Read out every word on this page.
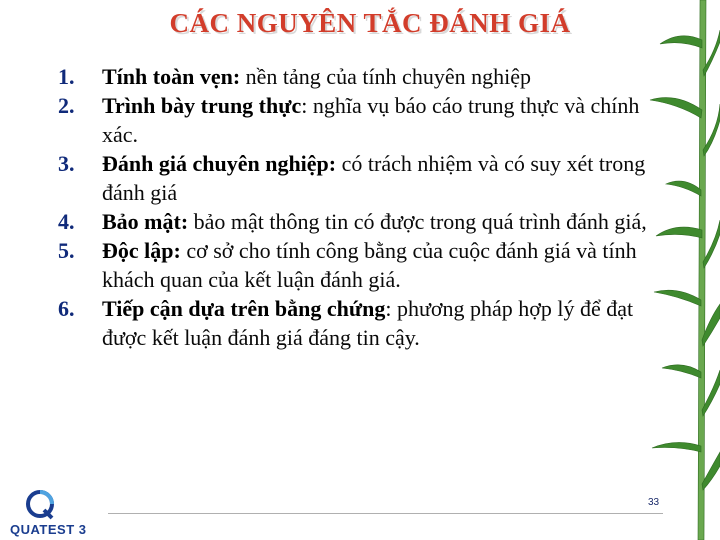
CÁC NGUYÊN TẮC ĐÁNH GIÁ
1. Tính toàn vẹn: nền tảng của tính chuyên nghiệp
2. Trình bày trung thực: nghĩa vụ báo cáo trung thực và chính xác.
3. Đánh giá chuyên nghiệp: có trách nhiệm và có suy xét trong đánh giá
4. Bảo mật: bảo mật thông tin có được trong quá trình đánh giá,
5. Độc lập: cơ sở cho tính công bằng của cuộc đánh giá và tính khách quan của kết luận đánh giá.
6. Tiếp cận dựa trên bằng chứng: phương pháp hợp lý để đạt được kết luận đánh giá đáng tin cậy.
QUATEST 3
33
